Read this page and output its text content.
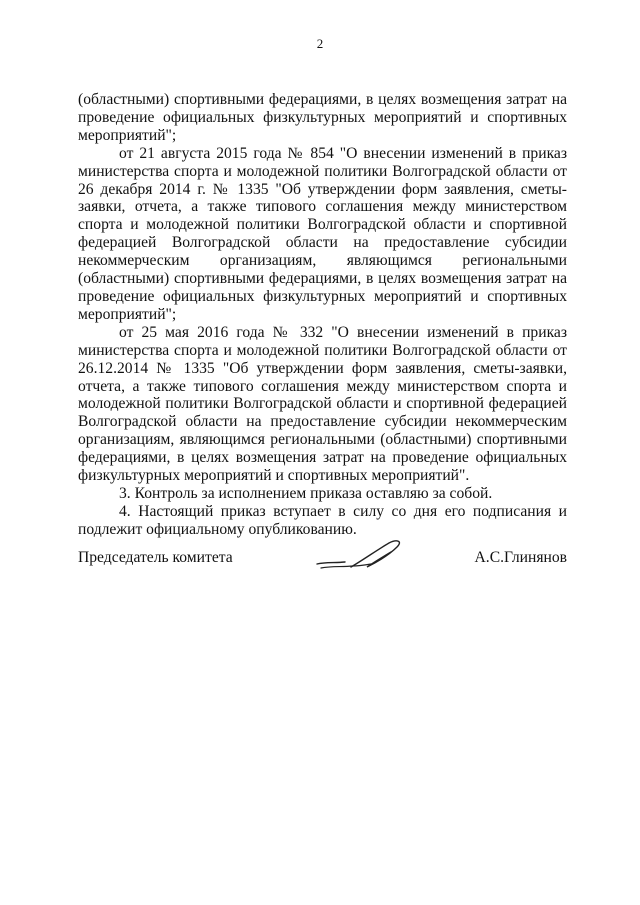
2

(областными) спортивными федерациями, в целях возмещения затрат на проведение официальных физкультурных мероприятий и спортивных мероприятий";

от 21 августа 2015 года № 854 "О внесении изменений в приказ министерства спорта и молодежной политики Волгоградской области от 26 декабря 2014 г. № 1335 "Об утверждении форм заявления, сметы-заявки, отчета, а также типового соглашения между министерством спорта и молодежной политики Волгоградской области и спортивной федерацией Волгоградской области на предоставление субсидии некоммерческим организациям, являющимся региональными (областными) спортивными федерациями, в целях возмещения затрат на проведение официальных физкультурных мероприятий и спортивных мероприятий";

от 25 мая 2016 года № 332 "О внесении изменений в приказ министерства спорта и молодежной политики Волгоградской области от 26.12.2014 № 1335 "Об утверждении форм заявления, сметы-заявки, отчета, а также типового соглашения между министерством спорта и молодежной политики Волгоградской области и спортивной федерацией Волгоградской области на предоставление субсидии некоммерческим организациям, являющимся региональными (областными) спортивными федерациями, в целях возмещения затрат на проведение официальных физкультурных мероприятий и спортивных мероприятий".

3. Контроль за исполнением приказа оставляю за собой.

4. Настоящий приказ вступает в силу со дня его подписания и подлежит официальному опубликованию.

Председатель комитета	А.С.Глинянов
